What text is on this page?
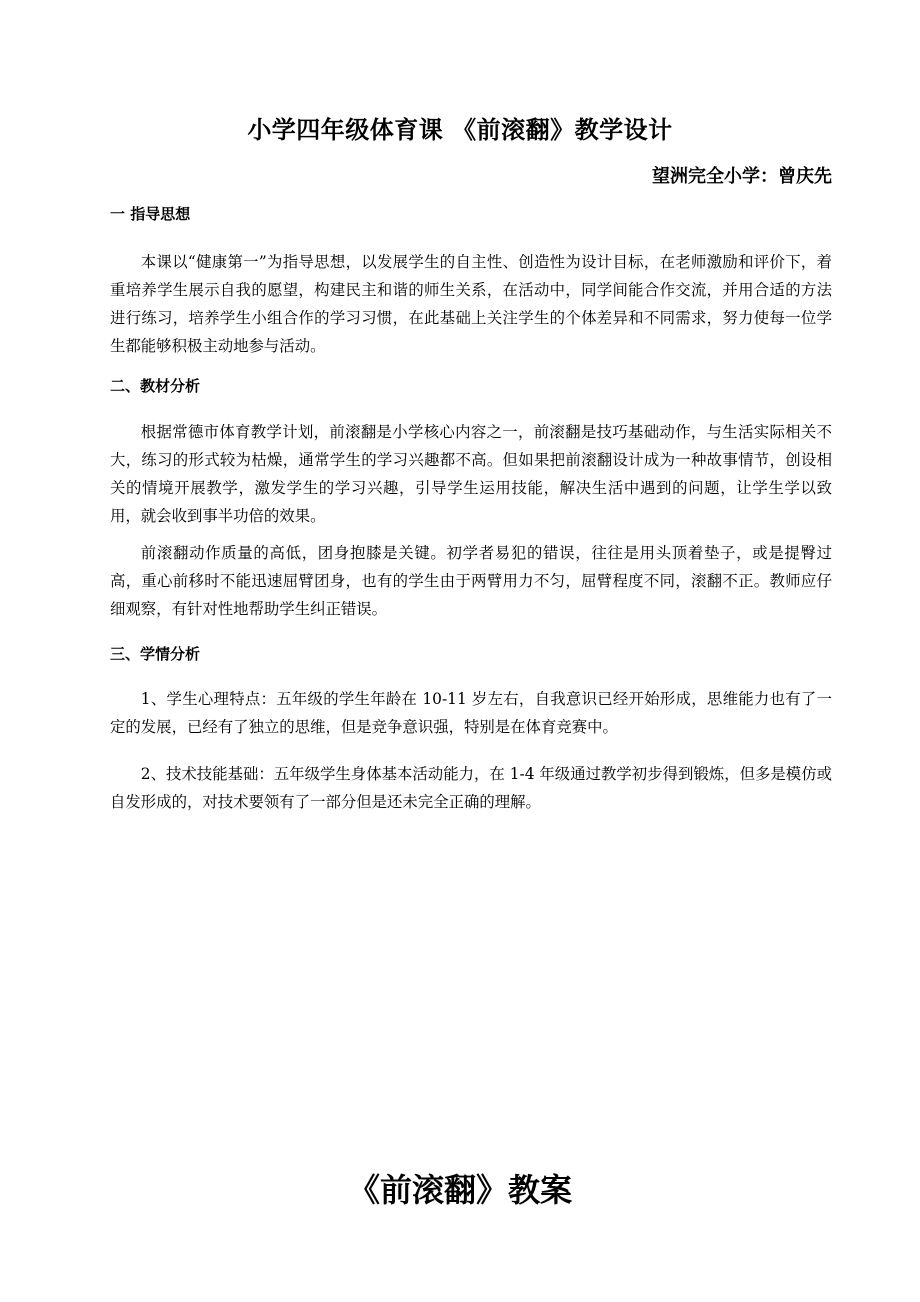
小学四年级体育课 《前滚翻》教学设计
望洲完全小学：曾庆先
一 指导思想

本课以“健康第一”为指导思想，以发展学生的自主性、创造性为设计目标，在老师激励和评价下，着重培养学生展示自我的愿望，构建民主和谐的师生关系，在活动中，同学间能合作交流，并用合适的方法进行练习，培养学生小组合作的学习习惯，在此基础上关注学生的个体差异和不同需求，努力使每一位学生都能够积极主动地参与活动。

二、教材分析

根据常德市体育教学计划，前滚翻是小学核心内容之一，前滚翻是技巧基础动作，与生活实际相关不大，练习的形式较为枯燥，通常学生的学习兴趣都不高。但如果把前滚翻设计成为一种故事情节，创设相关的情境开展教学，激发学生的学习兴趣，引导学生运用技能，解决生活中遇到的问题，让学生学以致用，就会收到事半功倍的效果。

前滚翻动作质量的高低，团身抱膝是关键。初学者易犯的错误，往往是用头顶着垫子，或是提臀过高，重心前移时不能迅速屈臂团身，也有的学生由于两臂用力不匀，屈臂程度不同，滚翻不正。教师应仔细观察，有针对性地帮助学生纠正错误。

三、学情分析

1、学生心理特点：五年级的学生年龄在 10-11 岁左右，自我意识已经开始形成，思维能力也有了一定的发展，已经有了独立的思维，但是竞争意识强，特别是在体育竞赛中。

2、技术技能基础：五年级学生身体基本活动能力，在 1-4 年级通过教学初步得到锻炼，但多是模仿或自发形成的，对技术要领有了一部分但是还未完全正确的理解。

《前滚翻》教案
